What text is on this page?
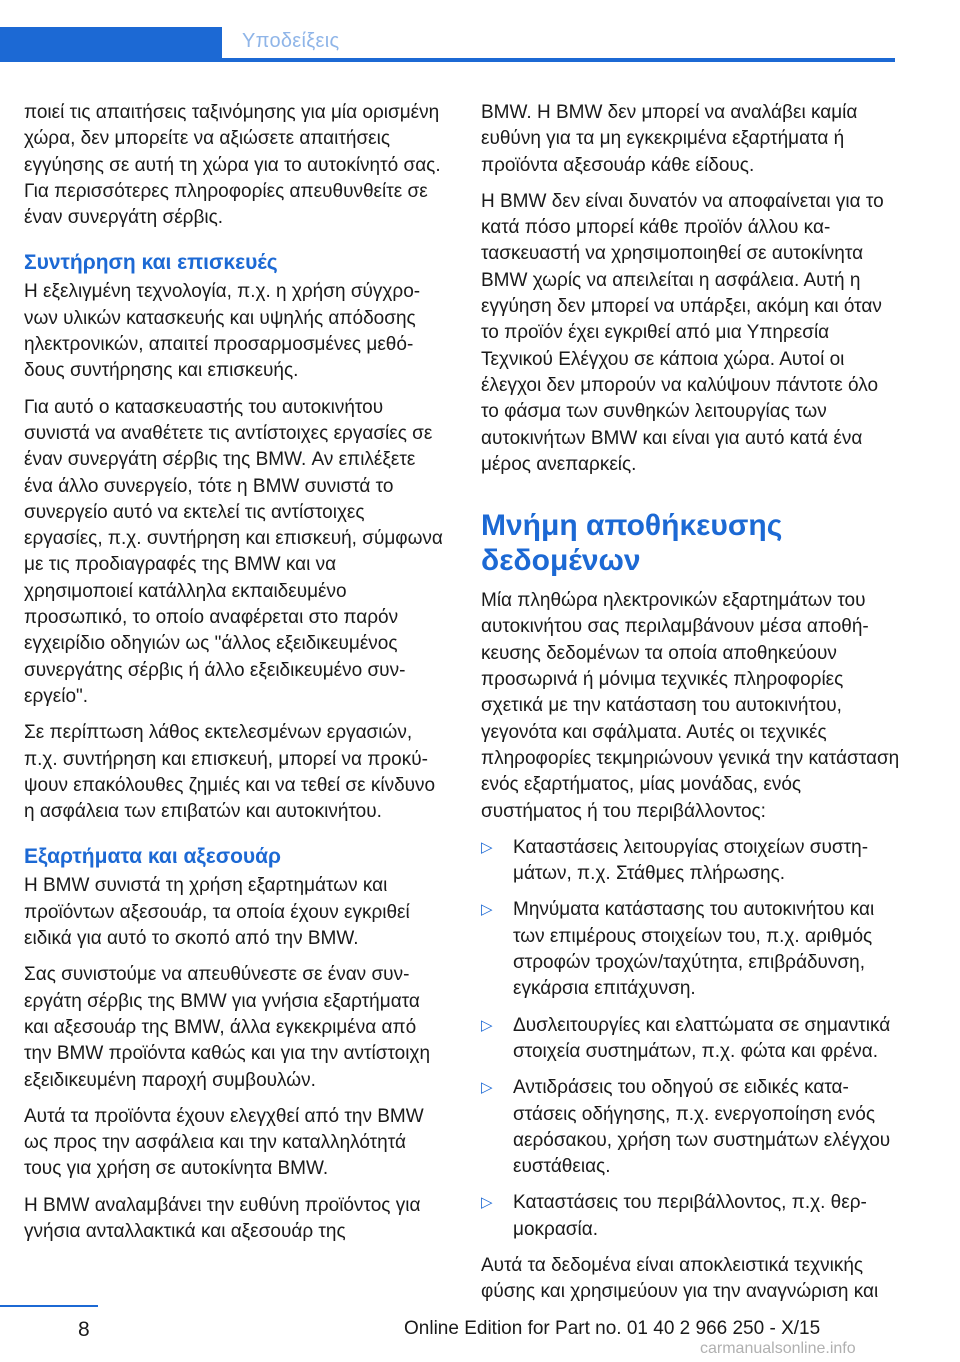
Υποδείξεις

ποιεί τις απαιτήσεις ταξινόμησης για μία ορισμένη χώρα, δεν μπορείτε να αξιώσετε απαιτήσεις εγγύησης σε αυτή τη χώρα για το αυτοκίνητό σας. Για περισσότερες πληροφορίες απευθυνθείτε σε έναν συνεργάτη σέρβις.

Συντήρηση και επισκευές

Η εξελιγμένη τεχνολογία, π.χ. η χρήση σύγχρονων υλικών κατασκευής και υψηλής απόδοσης ηλεκτρονικών, απαιτεί προσαρμοσμένες μεθόδους συντήρησης και επισκευής.

Για αυτό ο κατασκευαστής του αυτοκινήτου συνιστά να αναθέτετε τις αντίστοιχες εργασίες σε έναν συνεργάτη σέρβις της BMW. Αν επιλέξετε ένα άλλο συνεργείο, τότε η BMW συνιστά το συνεργείο αυτό να εκτελεί τις αντίστοιχες εργασίες, π.χ. συντήρηση και επισκευή, σύμφωνα με τις προδιαγραφές της BMW και να χρησιμοποιεί κατάλληλα εκπαιδευμένο προσωπικό, το οποίο αναφέρεται στο παρόν εγχειρίδιο οδηγιών ως "άλλος εξειδικευμένος συνεργάτης σέρβις ή άλλο εξειδικευμένο συνεργείο".

Σε περίπτωση λάθος εκτελεσμένων εργασιών, π.χ. συντήρηση και επισκευή, μπορεί να προκύψουν επακόλουθες ζημιές και να τεθεί σε κίνδυνο η ασφάλεια των επιβατών και αυτοκινήτου.

Εξαρτήματα και αξεσουάρ

Η BMW συνιστά τη χρήση εξαρτημάτων και προϊόντων αξεσουάρ, τα οποία έχουν εγκριθεί ειδικά για αυτό το σκοπό από την BMW.

Σας συνιστούμε να απευθύνεστε σε έναν συνεργάτη σέρβις της BMW για γνήσια εξαρτήματα και αξεσουάρ της BMW, άλλα εγκεκριμένα από την BMW προϊόντα καθώς και για την αντίστοιχη εξειδικευμένη παροχή συμβουλών.

Αυτά τα προϊόντα έχουν ελεγχθεί από την BMW ως προς την ασφάλεια και την καταλληλότητά τους για χρήση σε αυτοκίνητα BMW.

Η BMW αναλαμβάνει την ευθύνη προϊόντος για γνήσια ανταλλακτικά και αξεσουάρ της

BMW. Η BMW δεν μπορεί να αναλάβει καμία ευθύνη για τα μη εγκεκριμένα εξαρτήματα ή προϊόντα αξεσουάρ κάθε είδους.

Η BMW δεν είναι δυνατόν να αποφαίνεται για το κατά πόσο μπορεί κάθε προϊόν άλλου κατασκευαστή να χρησιμοποιηθεί σε αυτοκίνητα BMW χωρίς να απειλείται η ασφάλεια. Αυτή η εγγύηση δεν μπορεί να υπάρξει, ακόμη και όταν το προϊόν έχει εγκριθεί από μια Υπηρεσία Τεχνικού Ελέγχου σε κάποια χώρα. Αυτοί οι έλεγχοι δεν μπορούν να καλύψουν πάντοτε όλο το φάσμα των συνθηκών λειτουργίας των αυτοκινήτων BMW και είναι για αυτό κατά ένα μέρος ανεπαρκείς.

Μνήμη αποθήκευσης δεδομένων

Μία πληθώρα ηλεκτρονικών εξαρτημάτων του αυτοκινήτου σας περιλαμβάνουν μέσα αποθήκευσης δεδομένων τα οποία αποθηκεύουν προσωρινά ή μόνιμα τεχνικές πληροφορίες σχετικά με την κατάσταση του αυτοκινήτου, γεγονότα και σφάλματα. Αυτές οι τεχνικές πληροφορίες τεκμηριώνουν γενικά την κατάσταση ενός εξαρτήματος, μίας μονάδας, ενός συστήματος ή του περιβάλλοντος:

▷ Καταστάσεις λειτουργίας στοιχείων συστημάτων, π.χ. Στάθμες πλήρωσης.
▷ Μηνύματα κατάστασης του αυτοκινήτου και των επιμέρους στοιχείων του, π.χ. αριθμός στροφών τροχών/ταχύτητα, επιβράδυνση, εγκάρσια επιτάχυνση.
▷ Δυσλειτουργίες και ελαττώματα σε σημαντικά στοιχεία συστημάτων, π.χ. φώτα και φρένα.
▷ Αντιδράσεις του οδηγού σε ειδικές καταστάσεις οδήγησης, π.χ. ενεργοποίηση ενός αερόσακου, χρήση των συστημάτων ελέγχου ευστάθειας.
▷ Καταστάσεις του περιβάλλοντος, π.χ. θερμοκρασία.

Αυτά τα δεδομένα είναι αποκλειστικά τεχνικής φύσης και χρησιμεύουν για την αναγνώριση και

8	Online Edition for Part no. 01 40 2 966 250 - X/15
carmanualsonline.info
